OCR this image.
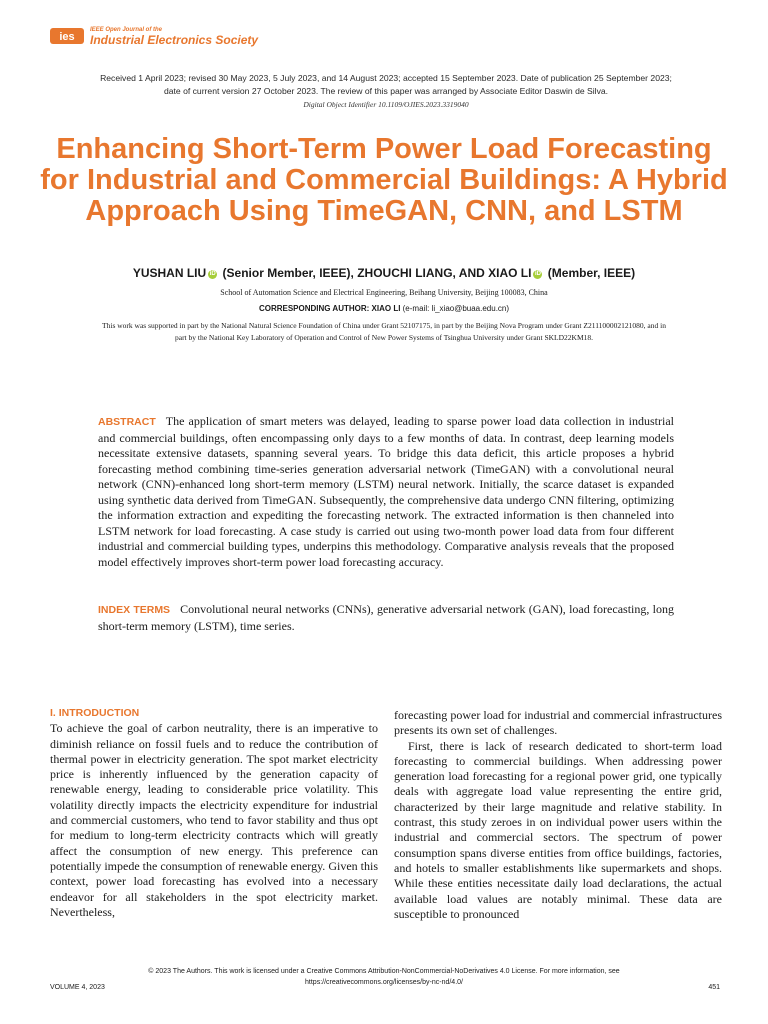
ies
IEEE Open Journal of the
Industrial Electronics Society
Received 1 April 2023; revised 30 May 2023, 5 July 2023, and 14 August 2023; accepted 15 September 2023. Date of publication 25 September 2023; date of current version 27 October 2023. The review of this paper was arranged by Associate Editor Daswin de Silva.
Digital Object Identifier 10.1109/OJIES.2023.3319040
Enhancing Short-Term Power Load Forecasting for Industrial and Commercial Buildings: A Hybrid Approach Using TimeGAN, CNN, and LSTM
YUSHAN LIU iD (Senior Member, IEEE), ZHOUCHI LIANG, AND XIAO LI iD (Member, IEEE)
School of Automation Science and Electrical Engineering, Beihang University, Beijing 100083, China
CORRESPONDING AUTHOR: XIAO LI (e-mail: li_xiao@buaa.edu.cn)
This work was supported in part by the National Natural Science Foundation of China under Grant 52107175, in part by the Beijing Nova Program under Grant Z211100002121080, and in part by the National Key Laboratory of Operation and Control of New Power Systems of Tsinghua University under Grant SKLD22KM18.
ABSTRACT The application of smart meters was delayed, leading to sparse power load data collection in industrial and commercial buildings, often encompassing only days to a few months of data. In contrast, deep learning models necessitate extensive datasets, spanning several years. To bridge this data deficit, this article proposes a hybrid forecasting method combining time-series generation adversarial network (TimeGAN) with a convolutional neural network (CNN)-enhanced long short-term memory (LSTM) neural network. Initially, the scarce dataset is expanded using synthetic data derived from TimeGAN. Subsequently, the comprehensive data undergo CNN filtering, optimizing the information extraction and expediting the forecasting network. The extracted information is then channeled into LSTM network for load forecasting. A case study is carried out using two-month power load data from four different industrial and commercial building types, underpins this methodology. Comparative analysis reveals that the proposed model effectively improves short-term power load forecasting accuracy.
INDEX TERMS Convolutional neural networks (CNNs), generative adversarial network (GAN), load forecasting, long short-term memory (LSTM), time series.
I. INTRODUCTION

To achieve the goal of carbon neutrality, there is an imperative to diminish reliance on fossil fuels and to reduce the contribution of thermal power in electricity generation. The spot market electricity price is inherently influenced by the generation capacity of renewable energy, leading to considerable price volatility. This volatility directly impacts the electricity expenditure for industrial and commercial customers, who tend to favor stability and thus opt for medium to long-term electricity contracts which will greatly affect the consumption of new energy. This preference can potentially impede the consumption of renewable energy. Given this context, power load forecasting has evolved into a necessary endeavor for all stakeholders in the spot electricity market. Nevertheless,

forecasting power load for industrial and commercial infrastructures presents its own set of challenges.

First, there is lack of research dedicated to short-term load forecasting to commercial buildings. When addressing power generation load forecasting for a regional power grid, one typically deals with aggregate load value representing the entire grid, characterized by their large magnitude and relative stability. In contrast, this study zeroes in on individual power users within the industrial and commercial sectors. The spectrum of power consumption spans diverse entities from office buildings, factories, and hotels to smaller establishments like supermarkets and shops. While these entities necessitate daily load declarations, the actual available load values are notably minimal. These data are susceptible to pronounced

© 2023 The Authors. This work is licensed under a Creative Commons Attribution-NonCommercial-NoDerivatives 4.0 License. For more information, see https://creativecommons.org/licenses/by-nc-nd/4.0/
VOLUME 4, 2023	451
